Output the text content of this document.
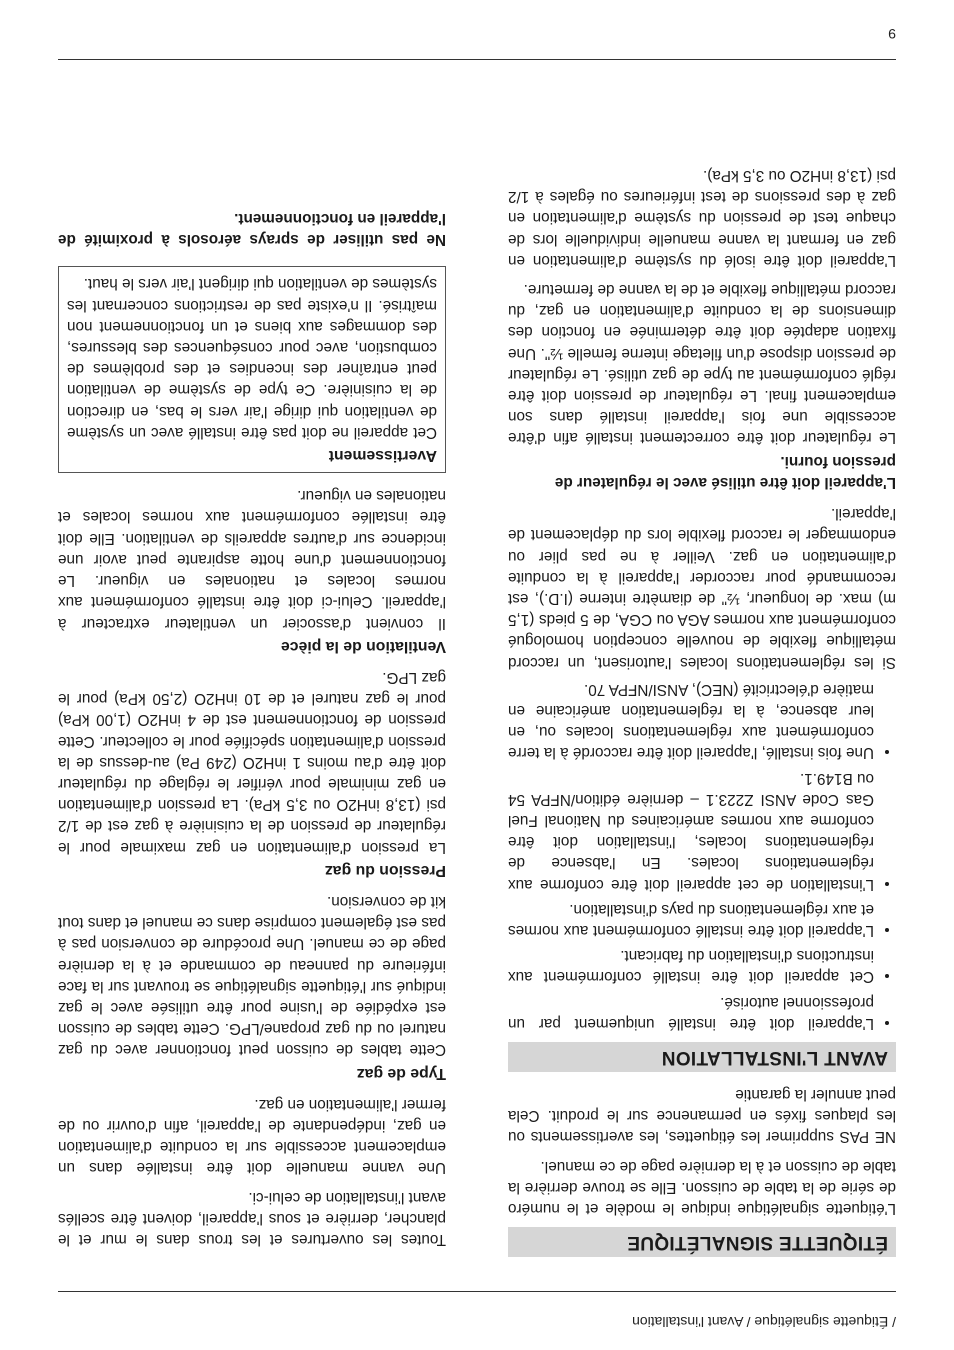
/ Étiquette signalétique / Avant l'installation
ÉTIQUETTE SIGNALÉTIQUE

L'étiquette signalétique indique le modèle et le numéro de série de la table de cuisson. Elle se trouve derrière la table de cuisson et à la dernière page de ce manuel.

NE PAS supprimer les étiquettes, les avertissements ou les plaques fixés en permanence sur le produit. Cela peut annuler la garantie

AVANT L'INSTALLATION
• L'appareil doit être installé uniquement par un professionnel autorisé.
• Cet appareil doit être installé conformément aux instructions d'installation du fabricant.
• L'appareil doit être installé conformément aux normes et aux réglementations du pays d'installation.
• L'installation de cet appareil doit être conforme aux réglementations locales. En l'absence de réglementations locales, l'installation doit être conforme aux normes américaines du National Fuel Gas Code ANSI Z223.1 – dernière édition/NFPA 54 ou B149.1.
• Une fois installé, l'appareil doit être raccordé à la terre conformément aux réglementations locales ou, en leur absence, à la réglementation américaine en matière d'électricité (NEC), ANSI/NFPA 70.

Si les réglementations locales l'autorisent, un raccord métallique flexible de nouvelle conception homologué conformément aux normes AGA ou CGA, de 5 pieds (1,5 m) max. de longueur, ½" de diamètre interne (I.D.), est recommandé pour raccorder l'appareil à la conduite d'alimentation en gaz. Veiller à ne pas plier ou endommager le raccord flexible lors du déplacement de l'appareil.

L'appareil doit être utilisé avec le régulateur de pression fourni.

Le régulateur doit être correctement installé afin d'être accessible une fois l'appareil installé dans son emplacement final. Le régulateur de pression doit être réglé conformément au type de gaz utilisé. Le régulateur de pression dispose d'un filetage interne femelle ½". Une fixation adaptée doit être déterminée en fonction des dimensions de la conduite d'alimentation en gaz, du raccord métallique flexible et de la vanne de fermeture.

L'appareil doit être isolé du système d'alimentation en gaz en fermant la vanne manuelle individuelle lors de chaque test de pression du système d'alimentation en gaz à des pressions de test inférieures ou égales à 1/2 psi (13,8 inH2O ou 3,5 kPa).

Toutes les ouvertures et les trous dans le mur et le plancher, derrière et sous l'appareil, doivent être scellés avant l'installation de celui-ci.

Une vanne manuelle doit être installée dans un emplacement accessible sur la conduite d'alimentation en gaz, indépendante de l'appareil, afin d'ouvrir ou de fermer l'alimentation en gaz.

Type de gaz

Cette tables de cuisson peut fonctionner avec du gaz naturel ou du gaz propane/LPG. Cette tables de cuisson est expédiée de l'usine pour être utilisée avec le gaz indiqué sur l'étiquette signalétique se trouvant sur la face inférieure du panneau de commande et à la dernière page de ce manuel. Une procédure de conversion pas à pas est également comprise dans ce manuel et dans tout kit de conversion.

Pression du gaz

La pression d'alimentation en gaz maximale pour le régulateur de pression de la cuisinière à gaz est de 1/2 psi (13,8 inH2O ou 3,5 kPa). La pression d'alimentation en gaz minimale pour vérifier le réglage du régulateur doit être d'au moins 1 inH2O (249 Pa) au-dessus de la pression d'alimentation spécifiée pour le collecteur. Cette pression de fonctionnement est de 4 inH2O (1,00 kPa) pour le gaz naturel et de 10 inH2O (2,50 kPa) pour le gaz LPG.

Ventilation de la pièce

Il convient d'associer un ventilateur extracteur à l'appareil. Celui-ci doit être installé conformément aux normes locales et nationales en vigueur. Le fonctionnement d'une hotte aspirante peut avoir une incidence sur d'autres appareils de ventilation. Elle doit être installée conformément aux normes locales et nationales en vigueur.

Avertissement

Cet appareil ne doit pas être installé avec un système de ventilation qui dirige l'air vers le bas, en direction de la cuisinière. Ce type de système de ventilation peut entraîner des incendies et des problèmes de combustion, avec pour conséquences des blessures, des dommages aux biens et un fonctionnement non maîtrisé. Il n'existe pas de restrictions concernant les systèmes de ventilation qui dirigent l'air vers le haut.

Ne pas utiliser de sprays aérosols à proximité de l'appareil en fonctionnement.

9
